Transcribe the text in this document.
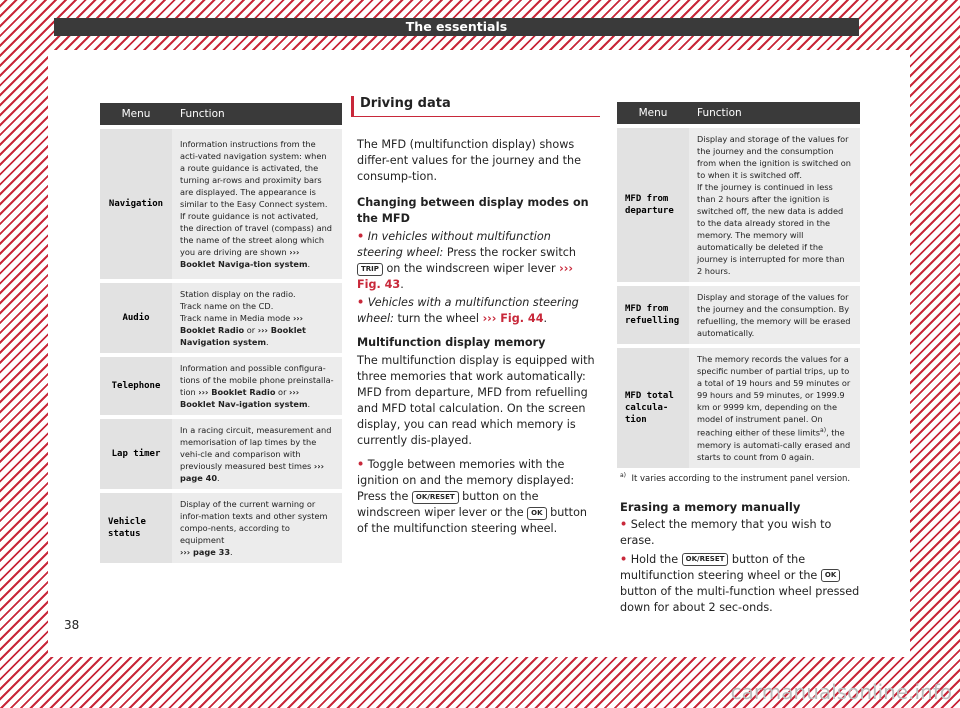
The essentials
Menu	Function
Navigation	Information instructions from the acti-vated navigation system: when a route guidance is activated, the turning ar-rows and proximity bars are displayed. The appearance is similar to the Easy Connect system.
If route guidance is not activated, the direction of travel (compass) and the name of the street along which you are driving are shown ››› Booklet Naviga-tion system.
Audio	Station display on the radio.
Track name on the CD.
Track name in Media mode ››› Booklet Radio or ››› Booklet Navigation system.
Telephone	Information and possible configura-tions of the mobile phone preinstalla-tion ››› Booklet Radio or ››› Booklet Nav-igation system.
Lap timer	In a racing circuit, measurement and memorisation of lap times by the vehi-cle and comparison with previously measured best times ››› page 40.
Vehicle status	Display of the current warning or infor-mation texts and other system compo-nents, according to equipment
››› page 33.
Driving data

The MFD (multifunction display) shows differ-ent values for the journey and the consump-tion.

Changing between display modes on the MFD

• In vehicles without multifunction steering wheel: Press the rocker switch TRIP on the windscreen wiper lever ››› Fig. 43.

• Vehicles with a multifunction steering wheel: turn the wheel ››› Fig. 44.

Multifunction display memory

The multifunction display is equipped with three memories that work automatically: MFD from departure, MFD from refuelling and MFD total calculation. On the screen display, you can read which memory is currently dis-played.

• Toggle between memories with the ignition on and the memory displayed: Press the OK/RESET button on the windscreen wiper lever or the OK button of the multifunction steering wheel.

Menu	Function
MFD from departure	Display and storage of the values for the journey and the consumption from when the ignition is switched on to when it is switched off.
If the journey is continued in less than 2 hours after the ignition is switched off, the new data is added to the data already stored in the memory. The memory will automatically be deleted if the journey is interrupted for more than 2 hours.
MFD from refuelling	Display and storage of the values for the journey and the consumption. By refuelling, the memory will be erased automatically.
MFD total calcula-tion	The memory records the values for a specific number of partial trips, up to a total of 19 hours and 59 minutes or 99 hours and 59 minutes, or 1999.9 km or 9999 km, depending on the model of instrument panel. On reaching either of these limits$^{a)}$, the memory is automati-cally erased and starts to count from 0 again.

$^{a)}$ It varies according to the instrument panel version.

Erasing a memory manually

• Select the memory that you wish to erase.

• Hold the OK/RESET button of the multifunction steering wheel or the OK button of the multi-function wheel pressed down for about 2 sec-onds.

38
carmanualsonline.info
